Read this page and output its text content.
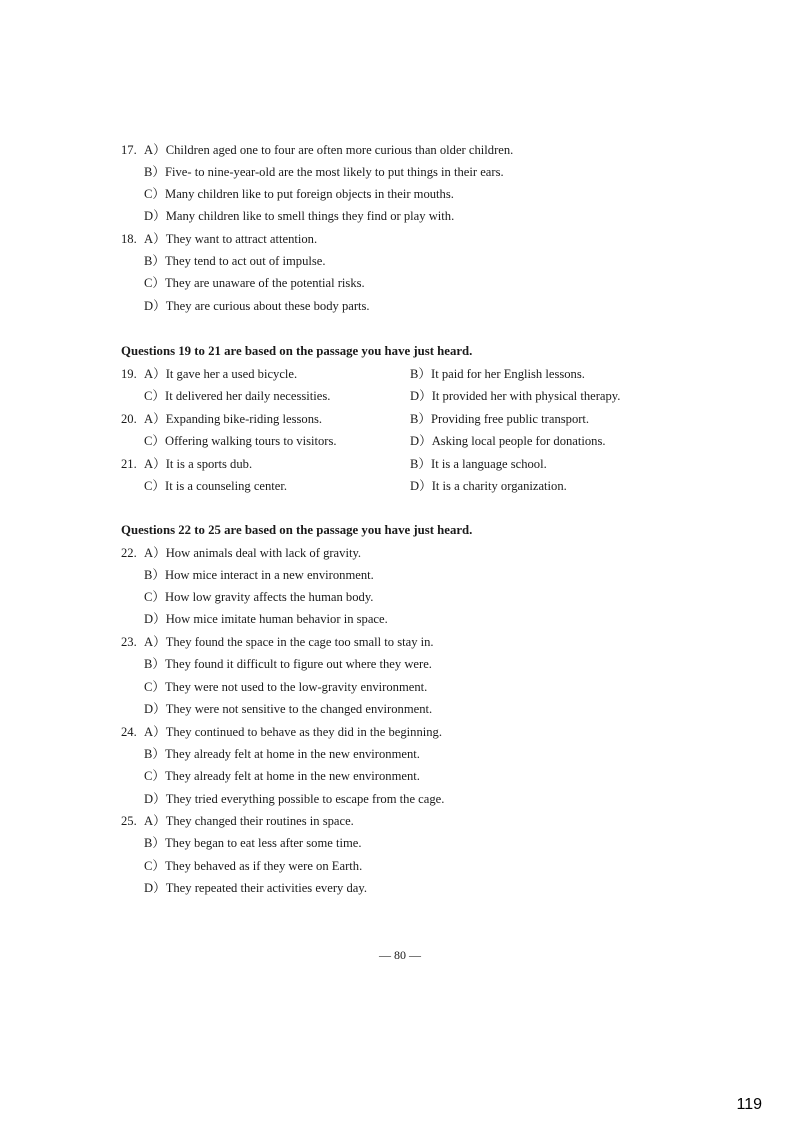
17. A）Children aged one to four are often more curious than older children.
B）Five- to nine-year-old are the most likely to put things in their ears.
C）Many children like to put foreign objects in their mouths.
D）Many children like to smell things they find or play with.
18. A）They want to attract attention.
B）They tend to act out of impulse.
C）They are unaware of the potential risks.
D）They are curious about these body parts.
Questions 19 to 21 are based on the passage you have just heard.
19. A）It gave her a used bicycle.	B）It paid for her English lessons.
C）It delivered her daily necessities.	D）It provided her with physical therapy.
20. A）Expanding bike-riding lessons.	B）Providing free public transport.
C）Offering walking tours to visitors.	D）Asking local people for donations.
21. A）It is a sports dub.	B）It is a language school.
C）It is a counseling center.	D）It is a charity organization.
Questions 22 to 25 are based on the passage you have just heard.
22. A）How animals deal with lack of gravity.
B）How mice interact in a new environment.
C）How low gravity affects the human body.
D）How mice imitate human behavior in space.
23. A）They found the space in the cage too small to stay in.
B）They found it difficult to figure out where they were.
C）They were not used to the low-gravity environment.
D）They were not sensitive to the changed environment.
24. A）They continued to behave as they did in the beginning.
B）They already felt at home in the new environment.
C）They already felt at home in the new environment.
D）They tried everything possible to escape from the cage.
25. A）They changed their routines in space.
B）They began to eat less after some time.
C）They behaved as if they were on Earth.
D）They repeated their activities every day.
— 80 —
119
